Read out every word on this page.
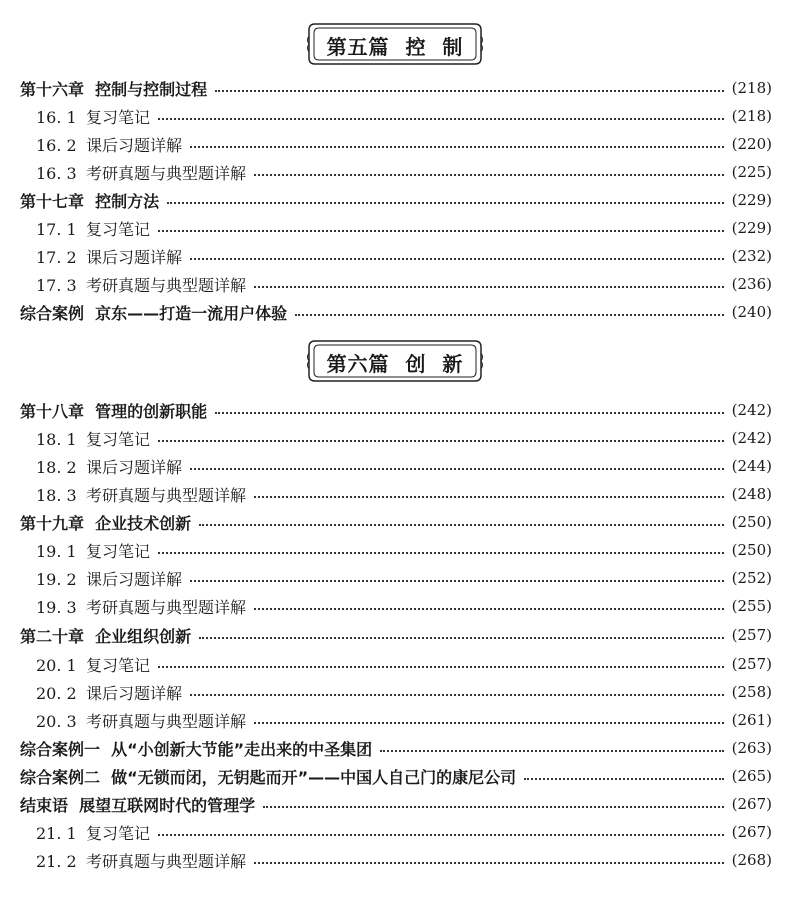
第五篇  控  制
第十六章  控制与控制过程	(218)
16. 1 复习笔记	(218)
16. 2 课后习题详解	(220)
16. 3 考研真题与典型题详解	(225)
第十七章  控制方法	(229)
17. 1 复习笔记	(229)
17. 2 课后习题详解	(232)
17. 3 考研真题与典型题详解	(236)
综合案例  京东——打造一流用户体验	(240)
第六篇  创  新
第十八章  管理的创新职能	(242)
18. 1 复习笔记	(242)
18. 2 课后习题详解	(244)
18. 3 考研真题与典型题详解	(248)
第十九章  企业技术创新	(250)
19. 1 复习笔记	(250)
19. 2 课后习题详解	(252)
19. 3 考研真题与典型题详解	(255)
第二十章  企业组织创新	(257)
20. 1 复习笔记	(257)
20. 2 课后习题详解	(258)
20. 3 考研真题与典型题详解	(261)
综合案例一  从“小创新大节能”走出来的中圣集团	(263)
综合案例二  做“无锁而闭，无钥匙而开”——中国人自己门的康尼公司	(265)
结束语  展望互联网时代的管理学	(267)
21. 1 复习笔记	(267)
21. 2 考研真题与典型题详解	(268)
